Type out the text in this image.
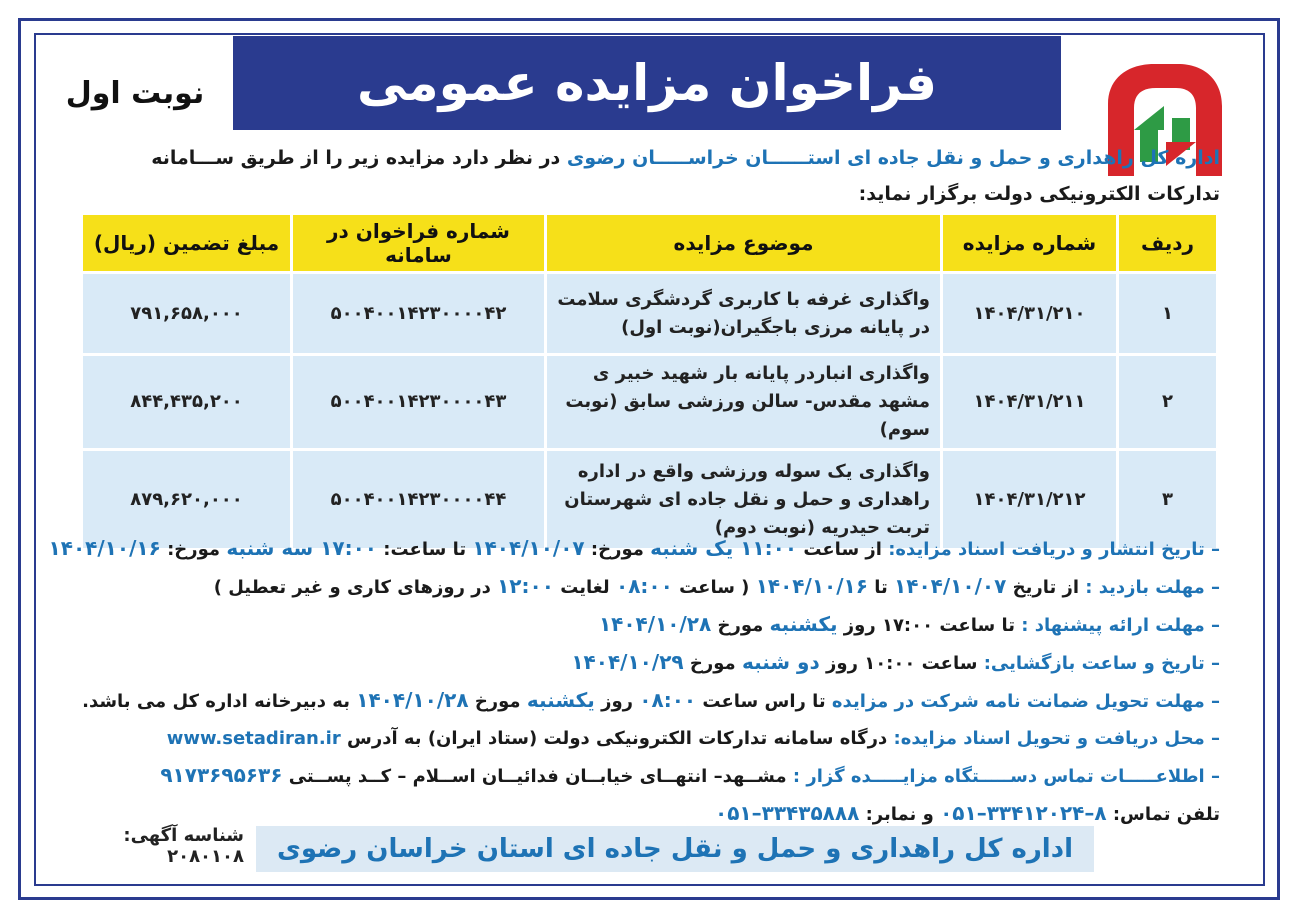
فراخوان مزایده عمومی
نوبت اول
اداره کل راهداری و حمل و نقل جاده ای استــــــان خراســـــان رضوی در نظر دارد مزایده زیر را از طریق ســـامانه
تدارکات الکترونیکی دولت برگزار نماید:
ردیف	شماره مزایده	موضوع مزایده	شماره فراخوان در سامانه	مبلغ تضمین (ریال)
۱	۱۴۰۴/۳۱/۲۱۰	واگذاری غرفه با کاربری گردشگری سلامت در پایانه مرزی باجگیران(نوبت اول)	۵۰۰۴۰۰۱۴۲۳۰۰۰۰۴۲	۷۹۱,۶۵۸,۰۰۰
۲	۱۴۰۴/۳۱/۲۱۱	واگذاری انباردر پایانه بار شهید خبیر ی مشهد مقدس- سالن ورزشی سابق (نوبت سوم)	۵۰۰۴۰۰۱۴۲۳۰۰۰۰۴۳	۸۴۴,۴۳۵,۲۰۰
۳	۱۴۰۴/۳۱/۲۱۲	واگذاری یک سوله ورزشی واقع در اداره راهداری و حمل و نقل جاده ای شهرستان تربت حیدریه (نوبت دوم)	۵۰۰۴۰۰۱۴۲۳۰۰۰۰۴۴	۸۷۹,۶۲۰,۰۰۰
– تاریخ انتشار و دریافت اسناد مزایده: از ساعت ۱۱:۰۰ یک شنبه مورخ: ۱۴۰۴/۱۰/۰۷ تا ساعت: ۱۷:۰۰ سه شنبه مورخ: ۱۴۰۴/۱۰/۱۶
– مهلت بازدید : از تاریخ ۱۴۰۴/۱۰/۰۷ تا ۱۴۰۴/۱۰/۱۶ ( ساعت ۰۸:۰۰ لغایت ۱۲:۰۰ در روزهای کاری و غیر تعطیل )
– مهلت ارائه پیشنهاد : تا ساعت ۱۷:۰۰ روز یکشنبه مورخ ۱۴۰۴/۱۰/۲۸
– تاریخ و ساعت بازگشایی: ساعت ۱۰:۰۰ روز دو شنبه مورخ ۱۴۰۴/۱۰/۲۹
– مهلت تحویل ضمانت نامه شرکت در مزایده تا راس ساعت ۰۸:۰۰ روز یکشنبه مورخ ۱۴۰۴/۱۰/۲۸ به دبیرخانه اداره کل می باشد.
– محل دریافت و تحویل اسناد مزایده: درگاه سامانه تدارکات الکترونیکی دولت (ستاد ایران) به آدرس www.setadiran.ir
– اطلاعـــــات تماس دســـــتگاه مزایـــــده گزار : مشــهد– انتهــای خیابــان فدائیــان اســلام – کــد پســتی ۹۱۷۳۶۹۵۶۳۶
تلفن تماس: ۸–۳۳۴۱۲۰۲۴–۰۵۱ و نمابر: ۳۳۴۳۵۸۸۸–۰۵۱
اداره کل راهداری و حمل و نقل جاده ای استان خراسان رضوی
شناسه آگهی: ۲۰۸۰۱۰۸
